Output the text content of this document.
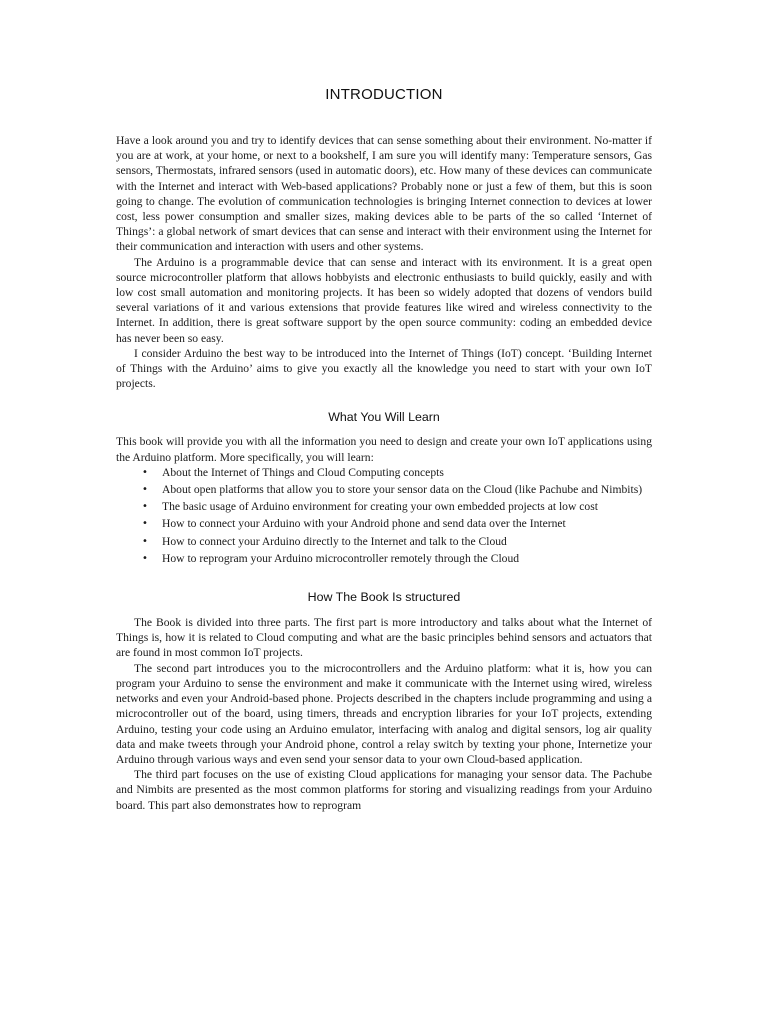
INTRODUCTION

Have a look around you and try to identify devices that can sense something about their environment. No-matter if you are at work, at your home, or next to a bookshelf, I am sure you will identify many: Temperature sensors, Gas sensors, Thermostats, infrared sensors (used in automatic doors), etc. How many of these devices can communicate with the Internet and interact with Web-based applications? Probably none or just a few of them, but this is soon going to change. The evolution of communication technologies is bringing Internet connection to devices at lower cost, less power consumption and smaller sizes, making devices able to be parts of the so called ‘Internet of Things’: a global network of smart devices that can sense and interact with their environment using the Internet for their communication and interaction with users and other systems.

The Arduino is a programmable device that can sense and interact with its environment. It is a great open source microcontroller platform that allows hobbyists and electronic enthusiasts to build quickly, easily and with low cost small automation and monitoring projects. It has been so widely adopted that dozens of vendors build several variations of it and various extensions that provide features like wired and wireless connectivity to the Internet. In addition, there is great software support by the open source community: coding an embedded device has never been so easy.

I consider Arduino the best way to be introduced into the Internet of Things (IoT) concept. ‘Building Internet of Things with the Arduino’ aims to give you exactly all the knowledge you need to start with your own IoT projects.

What You Will Learn

This book will provide you with all the information you need to design and create your own IoT applications using the Arduino platform. More specifically, you will learn:

• About the Internet of Things and Cloud Computing concepts
• About open platforms that allow you to store your sensor data on the Cloud (like Pachube and Nimbits)
• The basic usage of Arduino environment for creating your own embedded projects at low cost
• How to connect your Arduino with your Android phone and send data over the Internet
• How to connect your Arduino directly to the Internet and talk to the Cloud
• How to reprogram your Arduino microcontroller remotely through the Cloud
How The Book Is structured

The Book is divided into three parts. The first part is more introductory and talks about what the Internet of Things is, how it is related to Cloud computing and what are the basic principles behind sensors and actuators that are found in most common IoT projects.

The second part introduces you to the microcontrollers and the Arduino platform: what it is, how you can program your Arduino to sense the environment and make it communicate with the Internet using wired, wireless networks and even your Android-based phone. Projects described in the chapters include programming and using a microcontroller out of the board, using timers, threads and encryption libraries for your IoT projects, extending Arduino, testing your code using an Arduino emulator, interfacing with analog and digital sensors, log air quality data and make tweets through your Android phone, control a relay switch by texting your phone, Internetize your Arduino through various ways and even send your sensor data to your own Cloud-based application.

The third part focuses on the use of existing Cloud applications for managing your sensor data. The Pachube and Nimbits are presented as the most common platforms for storing and visualizing readings from your Arduino board. This part also demonstrates how to reprogram
